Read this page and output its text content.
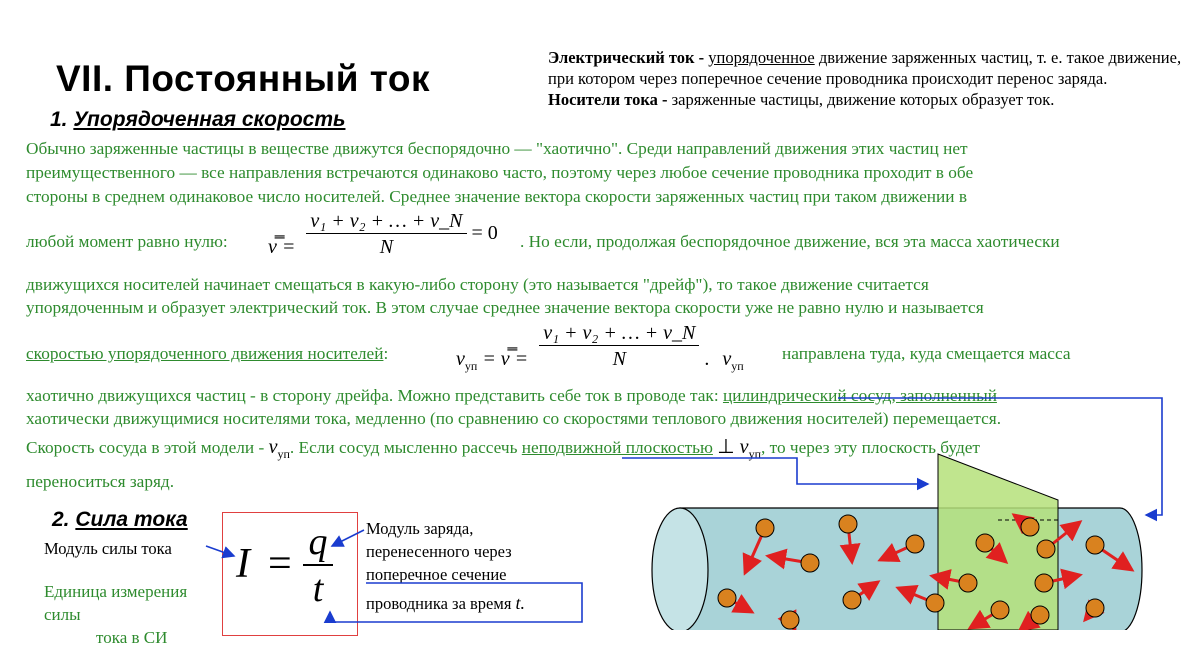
VII. Постоянный ток
1. Упорядоченная скорость
Электрический ток - упорядоченное движение заряженных частиц, т. е. такое движение, при котором через поперечное сечение проводника происходит перенос заряда.
Носители тока - заряженные частицы, движение которых образует ток.
Обычно заряженные частицы в веществе движутся беспорядочно — "хаотично". Среди направлений движения этих частиц нет
преимущественного — все направления встречаются одинаково часто, поэтому через любое сечение проводника проходит в обе
стороны в среднем одинаковое число носителей. Среднее значение вектора скорости заряженных частиц при таком движении в
любой момент равно нулю: v̿ = $\frac{\text{v₁ + v₂ + … + v\_N}}{N} = 0$ . Но если, продолжая беспорядочное движение, вся эта масса хаотически
движущихся носителей начинает смещаться в какую-либо сторону (это называется "дрейф"), то такое движение считается
упорядоченным и образует электрический ток. В этом случае среднее значение вектора скорости уже не равно нулю и называется
скоростью упорядоченного движения носителей:	$v_{уп}$ = v̿ = $\frac{\text{v₁ + v₂ + … + v\_N}}{N}$ . $v_{уп}$
направлена туда, куда смещается масса
хаотично движущихся частиц - в сторону дрейфа. Можно представить себе ток в проводе так: цилиндрический сосуд, заполненный
хаотически движущимися носителями тока, медленно (по сравнению со скоростями теплового движения носителей) перемещается.
Скорость сосуда в этой модели - $v_{уп}$. Если сосуд мысленно рассечь неподвижной плоскостью ⊥ $v_{уп}$, то через эту плоскость будет
переноситься заряд.
2. Сила тока
Модуль силы тока
Единица измерения силы
тока в СИ
I = q
t
Модуль заряда,
перенесенного через
поперечное сечение
проводника за время t.
